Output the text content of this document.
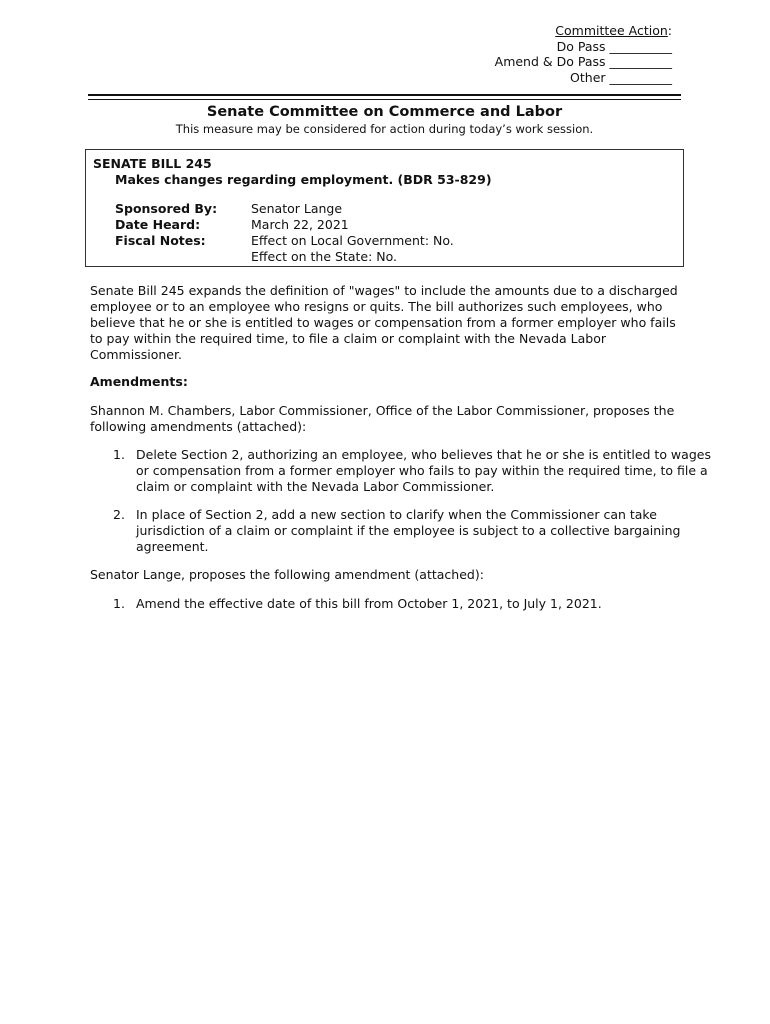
Committee Action:
Do Pass __________
Amend & Do Pass __________
Other __________
Senate Committee on Commerce and Labor
This measure may be considered for action during today’s work session.
SENATE BILL 245
Makes changes regarding employment. (BDR 53-829)
Sponsored By:
Date Heard:
Fiscal Notes:
Senator Lange
March 22, 2021
Effect on Local Government: No.
Effect on the State: No.
Senate Bill 245 expands the definition of "wages" to include the amounts due to a discharged employee or to an employee who resigns or quits. The bill authorizes such employees, who believe that he or she is entitled to wages or compensation from a former employer who fails to pay within the required time, to file a claim or complaint with the Nevada Labor Commissioner.
Amendments:
Shannon M. Chambers, Labor Commissioner, Office of the Labor Commissioner, proposes the following amendments (attached):
Delete Section 2, authorizing an employee, who believes that he or she is entitled to wages or compensation from a former employer who fails to pay within the required time, to file a claim or complaint with the Nevada Labor Commissioner.
In place of Section 2, add a new section to clarify when the Commissioner can take jurisdiction of a claim or complaint if the employee is subject to a collective bargaining agreement.
Senator Lange, proposes the following amendment (attached):
Amend the effective date of this bill from October 1, 2021, to July 1, 2021.
